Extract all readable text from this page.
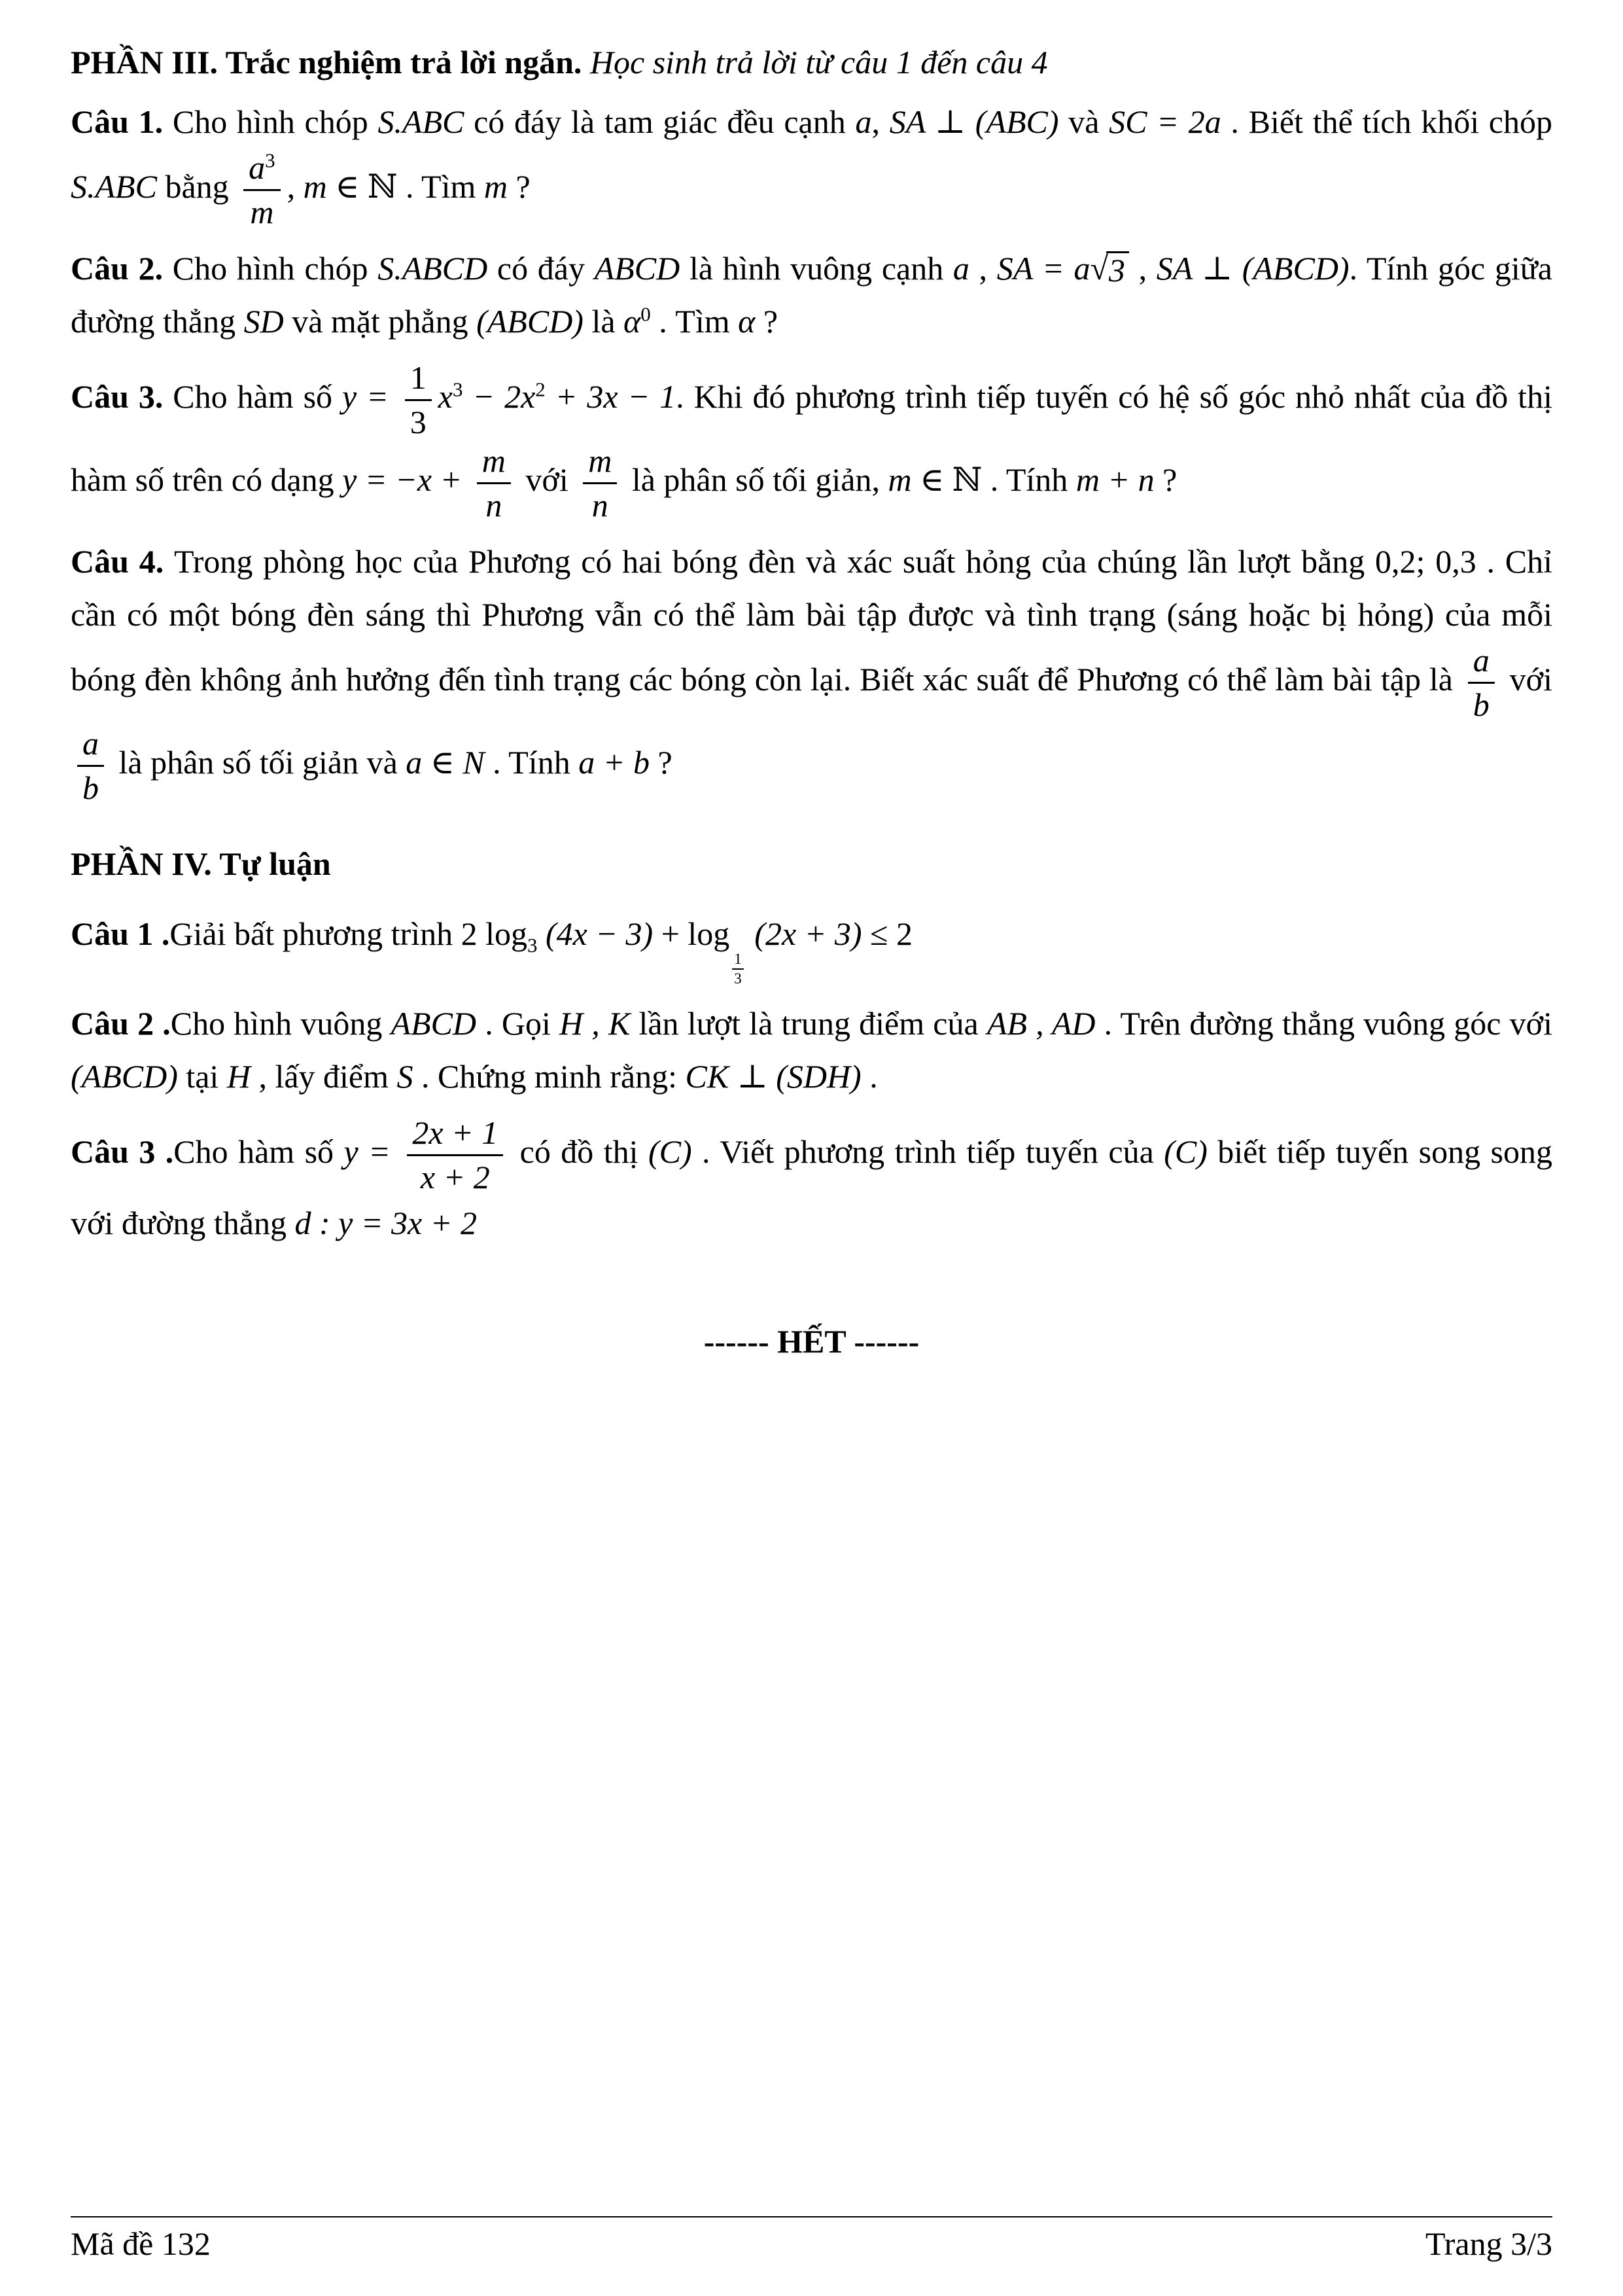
PHẦN III. Trắc nghiệm trả lời ngắn. Học sinh trả lời từ câu 1 đến câu 4

Câu 1. Cho hình chóp S.ABC có đáy là tam giác đều cạnh a, SA ⊥ (ABC) và SC = 2a . Biết thể tích khối chóp S.ABC bằng $\frac{a^3}{m}$ , m ∈ ℕ . Tìm m ?

Câu 2. Cho hình chóp S.ABCD có đáy ABCD là hình vuông cạnh a , SA = a √ 3 , SA ⊥ (ABCD). Tính góc giữa đường thẳng SD và mặt phẳng (ABCD) là $\alpha^0$ . Tìm α ?

Câu 3. Cho hàm số $y = \frac{1}{3} x^3 - 2x^2 + 3x - 1$. Khi đó phương trình tiếp tuyến có hệ số góc nhỏ nhất của đồ thị hàm số trên có dạng $y = -x + \frac{m}{n}$ với $\frac{m}{n}$ là phân số tối giản, m ∈ ℕ . Tính m + n ?

Câu 4. Trong phòng học của Phương có hai bóng đèn và xác suất hỏng của chúng lần lượt bằng 0,2; 0,3 . Chỉ cần có một bóng đèn sáng thì Phương vẫn có thể làm bài tập được và tình trạng (sáng hoặc bị hỏng) của mỗi bóng đèn không ảnh hưởng đến tình trạng các bóng còn lại. Biết xác suất để Phương có thể làm bài tập là $\frac{a}{b}$ với
$\frac{a}{b}$ là phân số tối giản và a ∈ N . Tính a + b ?

PHẦN IV. Tự luận

Câu 1 .Giải bất phương trình 2 $\log_3 (4x - 3) + \log$
$_{\frac{1}{3}}$
(2x + 3) ≤ 2

Câu 2 .Cho hình vuông ABCD . Gọi H , K lần lượt là trung điểm của AB , AD . Trên đường thẳng vuông góc với (ABCD) tại H , lấy điểm S . Chứng minh rằng: CK ⊥ (SDH) .

Câu 3 .Cho hàm số $y = \frac{2x + 1}{x + 2}$ có đồ thị (C) . Viết phương trình tiếp tuyến của (C) biết tiếp tuyến song song với đường thẳng d : y = 3x + 2

------ HẾT ------

Mã đề 132	Trang 3/3
